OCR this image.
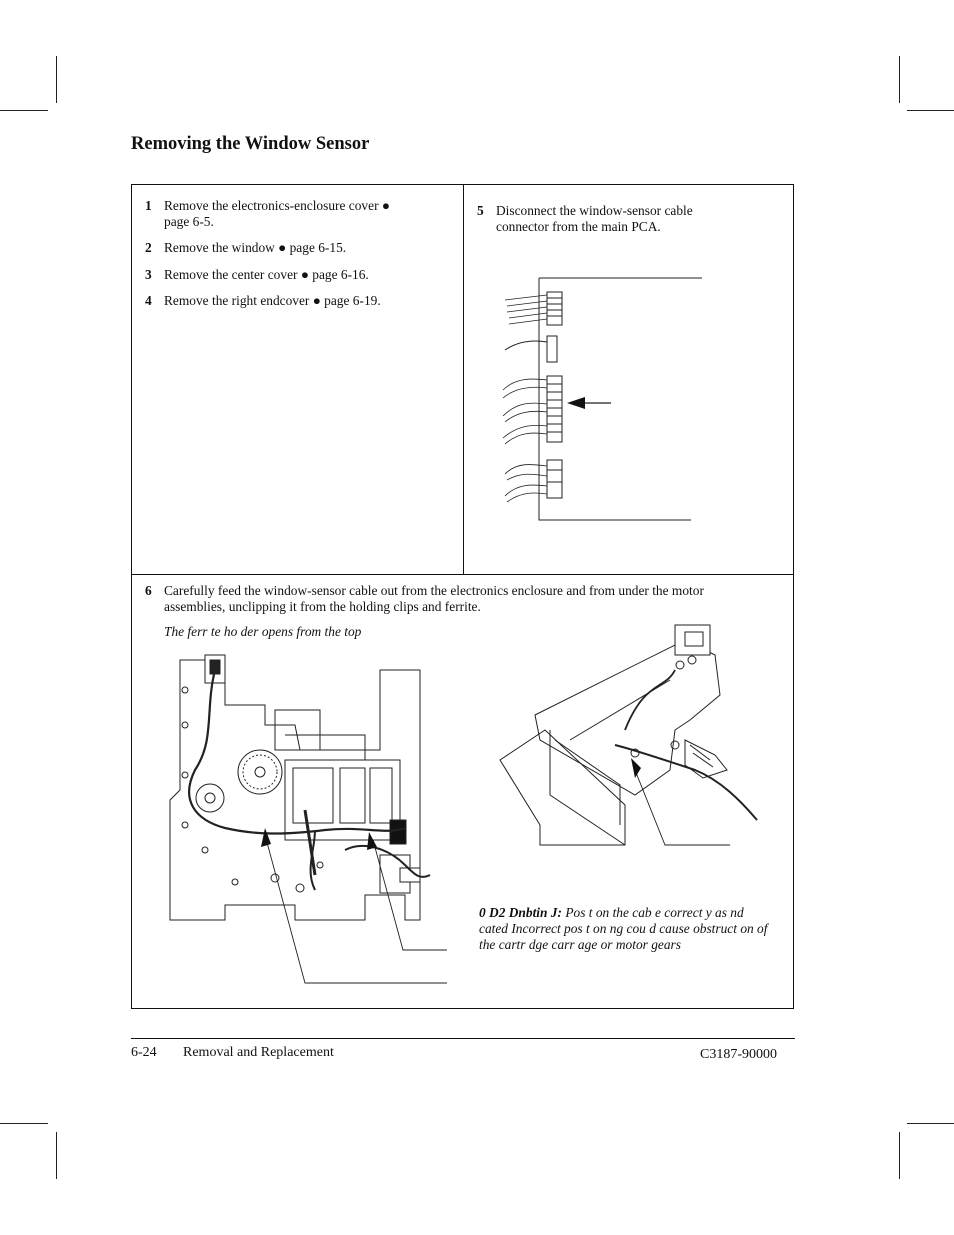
Removing the Window Sensor
1 Remove the electronics-enclosure cover ● page 6-5.
2 Remove the window ● page 6-15.
3 Remove the center cover ● page 6-16.
4 Remove the right endcover ● page 6-19.
5 Disconnect the window-sensor cable connector from the main PCA.
6 Carefully feed the window-sensor cable out from the electronics enclosure and from under the motor assemblies, unclipping it from the holding clips and ferrite.
The ferr te ho der opens from the top
0 D2 Dnbtin J: Pos t on the cab e correct y as nd cated Incorrect pos t on ng cou d cause obstruct on of the cartr dge carr age or motor gears
6-24 Removal and Replacement	C3187-90000
